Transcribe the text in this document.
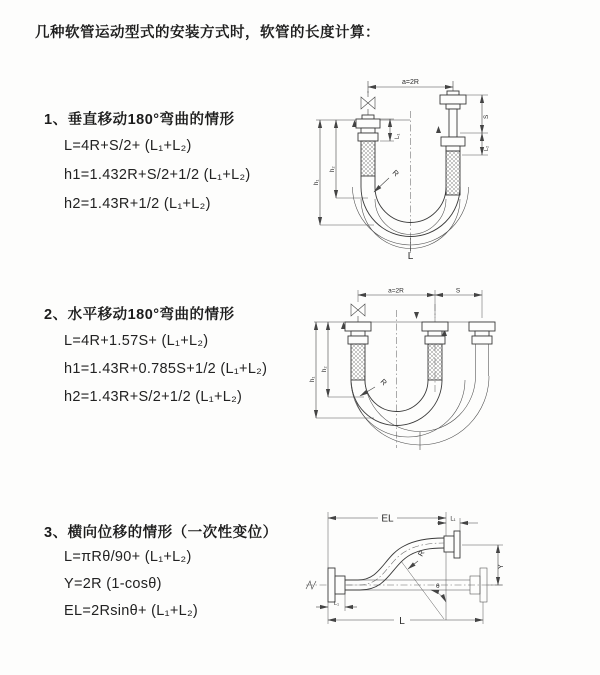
几种软管运动型式的安装方式时，软管的长度计算：
1、垂直移动180°弯曲的情形
L=4R+S/2+ (L₁+L₂)
h1=1.432R+S/2+1/2 (L₁+L₂)
h2=1.43R+1/2 (L₁+L₂)
2、水平移动180°弯曲的情形
L=4R+1.57S+ (L₁+L₂)
h1=1.43R+0.785S+1/2 (L₁+L₂)
h2=1.43R+S/2+1/2 (L₁+L₂)
3、横向位移的情形（一次性变位）
L=πRθ/90+ (L₁+L₂)
Y=2R (1-cosθ)
EL=2Rsinθ+ (L₁+L₂)
a=2R
h₁
h₂
L₁
S
L₂
R
L
a=2R	S
h₁
h₂
R
EL	L₁
Y
R
θ
L₁
L
